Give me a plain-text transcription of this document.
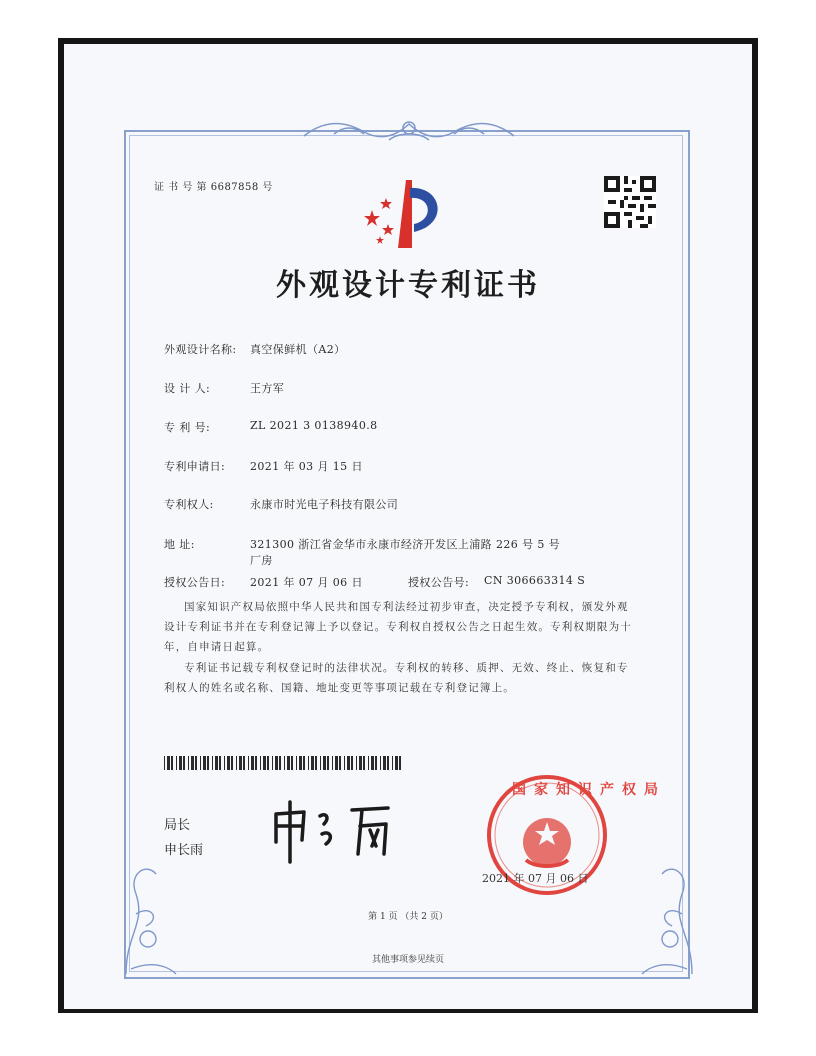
证 书 号 第 6687858 号
外观设计专利证书
外观设计名称: 真空保鲜机（A2）
设 计 人:	王方军
专 利 号:	ZL 2021 3 0138940.8
专利申请日: 2021 年 03 月 15 日
专利权人:	永康市时光电子科技有限公司
地 址:	321300 浙江省金华市永康市经济开发区上浦路 226 号 5 号
厂房
授权公告日: 2021 年 07 月 06 日	授权公告号: CN 306663314 S
国家知识产权局依照中华人民共和国专利法经过初步审查，决定授予专利权，颁发外观
设计专利证书并在专利登记簿上予以登记。专利权自授权公告之日起生效。专利权期限为十
年，自申请日起算。
专利证书记载专利权登记时的法律状况。专利权的转移、质押、无效、终止、恢复和专
利权人的姓名或名称、国籍、地址变更等事项记载在专利登记簿上。
局长
申长雨
国家知识产权局
2021 年 07 月 06 日
第 1 页 （共 2 页）
其他事项参见续页
